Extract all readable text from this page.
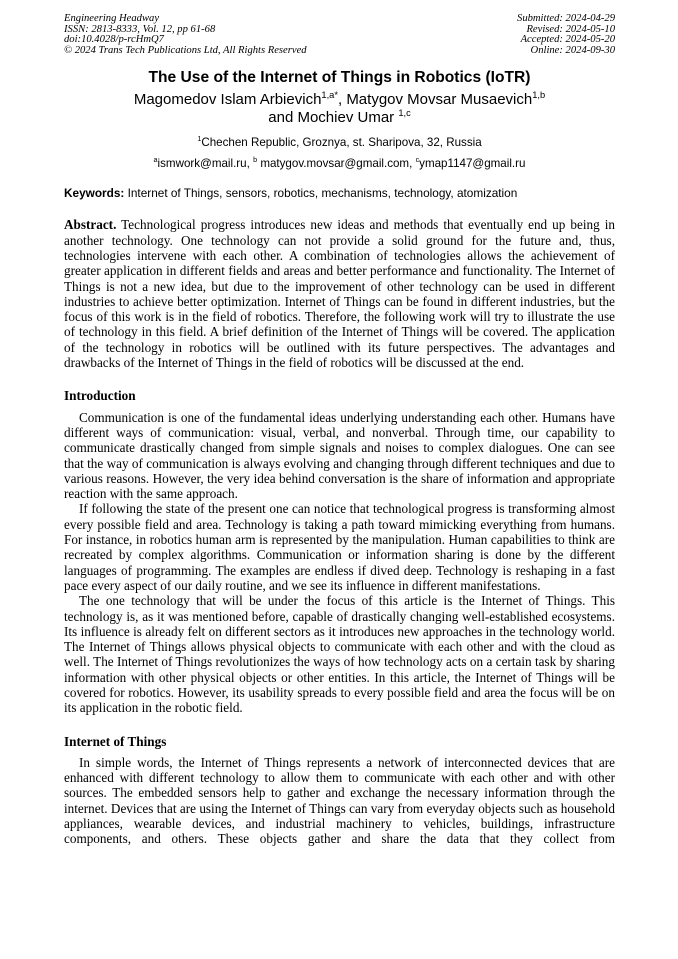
Engineering Headway
ISSN: 2813-8333, Vol. 12, pp 61-68
doi:10.4028/p-rcHmQ7
© 2024 Trans Tech Publications Ltd, All Rights Reserved
Submitted: 2024-04-29
Revised: 2024-05-10
Accepted: 2024-05-20
Online: 2024-09-30
The Use of the Internet of Things in Robotics (IoTR)
Magomedov Islam Arbievich$^{1,a*}$, Matygov Movsar Musaevich$^{1,b}$
and Mochiev Umar $^{1,c}$
$^1$Chechen Republic, Groznya, st. Sharipova, 32, Russia
$^a$ismwork@mail.ru, $^b$ matygov.movsar@gmail.com, $^c$ymap1147@gmail.ru
Keywords: Internet of Things, sensors, robotics, mechanisms, technology, atomization
Abstract. Technological progress introduces new ideas and methods that eventually end up being in another technology. One technology can not provide a solid ground for the future and, thus, technologies intervene with each other. A combination of technologies allows the achievement of greater application in different fields and areas and better performance and functionality. The Internet of Things is not a new idea, but due to the improvement of other technology can be used in different industries to achieve better optimization. Internet of Things can be found in different industries, but the focus of this work is in the field of robotics. Therefore, the following work will try to illustrate the use of technology in this field. A brief definition of the Internet of Things will be covered. The application of the technology in robotics will be outlined with its future perspectives. The advantages and drawbacks of the Internet of Things in the field of robotics will be discussed at the end.
Introduction

Communication is one of the fundamental ideas underlying understanding each other. Humans have different ways of communication: visual, verbal, and nonverbal. Through time, our capability to communicate drastically changed from simple signals and noises to complex dialogues. One can see that the way of communication is always evolving and changing through different techniques and due to various reasons. However, the very idea behind conversation is the share of information and appropriate reaction with the same approach.

If following the state of the present one can notice that technological progress is transforming almost every possible field and area. Technology is taking a path toward mimicking everything from humans. For instance, in robotics human arm is represented by the manipulation. Human capabilities to think are recreated by complex algorithms. Communication or information sharing is done by the different languages of programming. The examples are endless if dived deep. Technology is reshaping in a fast pace every aspect of our daily routine, and we see its influence in different manifestations.

The one technology that will be under the focus of this article is the Internet of Things. This technology is, as it was mentioned before, capable of drastically changing well-established ecosystems. Its influence is already felt on different sectors as it introduces new approaches in the technology world. The Internet of Things allows physical objects to communicate with each other and with the cloud as well. The Internet of Things revolutionizes the ways of how technology acts on a certain task by sharing information with other physical objects or other entities. In this article, the Internet of Things will be covered for robotics. However, its usability spreads to every possible field and area the focus will be on its application in the robotic field.

Internet of Things

In simple words, the Internet of Things represents a network of interconnected devices that are enhanced with different technology to allow them to communicate with each other and with other sources. The embedded sensors help to gather and exchange the necessary information through the internet. Devices that are using the Internet of Things can vary from everyday objects such as household appliances, wearable devices, and industrial machinery to vehicles, buildings, infrastructure components, and others. These objects gather and share the data that they collect from
